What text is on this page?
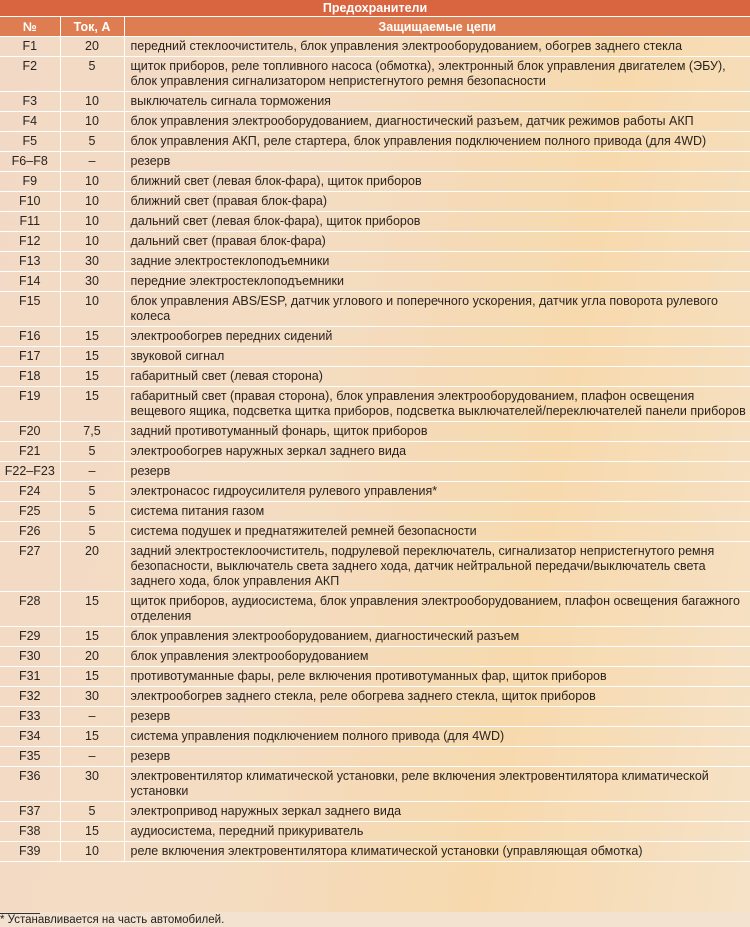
Предохранители
№	Ток, А	Защищаемые цепи
F1	20	передний стеклоочиститель, блок управления электрооборудованием, обогрев заднего стекла
F2	5	щиток приборов, реле топливного насоса (обмотка), электронный блок управления двигателем (ЭБУ), блок управления сигнализатором непристегнутого ремня безопасности
F3	10	выключатель сигнала торможения
F4	10	блок управления электрооборудованием, диагностический разъем, датчик режимов работы АКП
F5	5	блок управления АКП, реле стартера, блок управления подключением полного привода (для 4WD)
F6–F8	–	резерв
F9	10	ближний свет (левая блок-фара), щиток приборов
F10	10	ближний свет (правая блок-фара)
F11	10	дальний свет (левая блок-фара), щиток приборов
F12	10	дальний свет (правая блок-фара)
F13	30	задние электростеклоподъемники
F14	30	передние электростеклоподъемники
F15	10	блок управления ABS/ESP, датчик углового и поперечного ускорения, датчик угла поворота рулевого колеса
F16	15	электрообогрев передних сидений
F17	15	звуковой сигнал
F18	15	габаритный свет (левая сторона)
F19	15	габаритный свет (правая сторона), блок управления электрооборудованием, плафон освещения вещевого ящика, подсветка щитка приборов, подсветка выключателей/переключателей панели приборов
F20	7,5	задний противотуманный фонарь, щиток приборов
F21	5	электрообогрев наружных зеркал заднего вида
F22–F23	–	резерв
F24	5	электронасос гидроусилителя рулевого управления*
F25	5	система питания газом
F26	5	система подушек и преднатяжителей ремней безопасности
F27	20	задний электростеклоочиститель, подрулевой переключатель, сигнализатор непристегнутого ремня безопасности, выключатель света заднего хода, датчик нейтральной передачи/выключатель света заднего хода, блок управления АКП
F28	15	щиток приборов, аудиосистема, блок управления электрооборудованием, плафон освещения багажного отделения
F29	15	блок управления электрооборудованием, диагностический разъем
F30	20	блок управления электрооборудованием
F31	15	противотуманные фары, реле включения противотуманных фар, щиток приборов
F32	30	электрообогрев заднего стекла, реле обогрева заднего стекла, щиток приборов
F33	–	резерв
F34	15	система управления подключением полного привода (для 4WD)
F35	–	резерв
F36	30	электровентилятор климатической установки, реле включения электровентилятора климатической установки
F37	5	электропривод наружных зеркал заднего вида
F38	15	аудиосистема, передний прикуриватель
F39	10	реле включения электровентилятора климатической установки (управляющая обмотка)
* Устанавливается на часть автомобилей.
